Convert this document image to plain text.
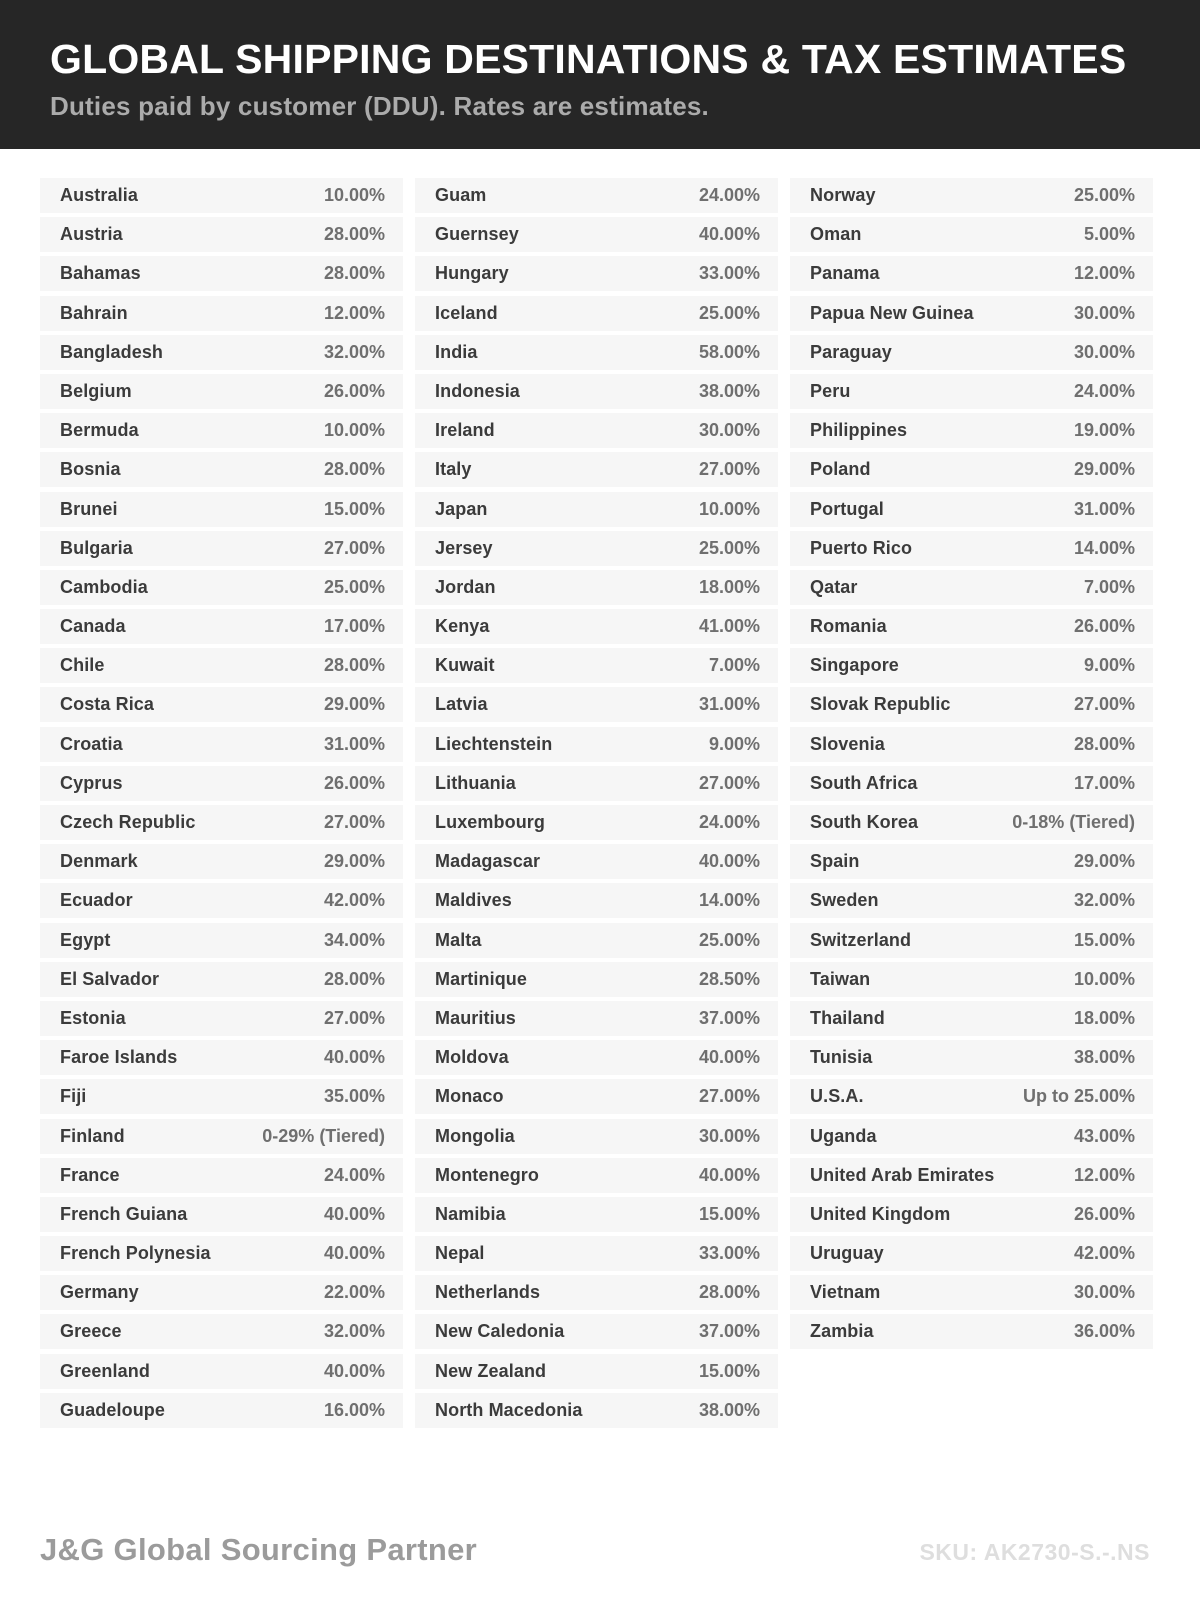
GLOBAL SHIPPING DESTINATIONS & TAX ESTIMATES
Duties paid by customer (DDU). Rates are estimates.
Australia	10.00%
Austria	28.00%
Bahamas	28.00%
Bahrain	12.00%
Bangladesh	32.00%
Belgium	26.00%
Bermuda	10.00%
Bosnia	28.00%
Brunei	15.00%
Bulgaria	27.00%
Cambodia	25.00%
Canada	17.00%
Chile	28.00%
Costa Rica	29.00%
Croatia	31.00%
Cyprus	26.00%
Czech Republic	27.00%
Denmark	29.00%
Ecuador	42.00%
Egypt	34.00%
El Salvador	28.00%
Estonia	27.00%
Faroe Islands	40.00%
Fiji	35.00%
Finland	0-29% (Tiered)
France	24.00%
French Guiana	40.00%
French Polynesia	40.00%
Germany	22.00%
Greece	32.00%
Greenland	40.00%
Guadeloupe	16.00%
Guam	24.00%
Guernsey	40.00%
Hungary	33.00%
Iceland	25.00%
India	58.00%
Indonesia	38.00%
Ireland	30.00%
Italy	27.00%
Japan	10.00%
Jersey	25.00%
Jordan	18.00%
Kenya	41.00%
Kuwait	7.00%
Latvia	31.00%
Liechtenstein	9.00%
Lithuania	27.00%
Luxembourg	24.00%
Madagascar	40.00%
Maldives	14.00%
Malta	25.00%
Martinique	28.50%
Mauritius	37.00%
Moldova	40.00%
Monaco	27.00%
Mongolia	30.00%
Montenegro	40.00%
Namibia	15.00%
Nepal	33.00%
Netherlands	28.00%
New Caledonia	37.00%
New Zealand	15.00%
North Macedonia	38.00%
Norway	25.00%
Oman	5.00%
Panama	12.00%
Papua New Guinea	30.00%
Paraguay	30.00%
Peru	24.00%
Philippines	19.00%
Poland	29.00%
Portugal	31.00%
Puerto Rico	14.00%
Qatar	7.00%
Romania	26.00%
Singapore	9.00%
Slovak Republic	27.00%
Slovenia	28.00%
South Africa	17.00%
South Korea	0-18% (Tiered)
Spain	29.00%
Sweden	32.00%
Switzerland	15.00%
Taiwan	10.00%
Thailand	18.00%
Tunisia	38.00%
U.S.A.	Up to 25.00%
Uganda	43.00%
United Arab Emirates	12.00%
United Kingdom	26.00%
Uruguay	42.00%
Vietnam	30.00%
Zambia	36.00%
J&G Global Sourcing Partner	SKU: AK2730-S.-.NS
